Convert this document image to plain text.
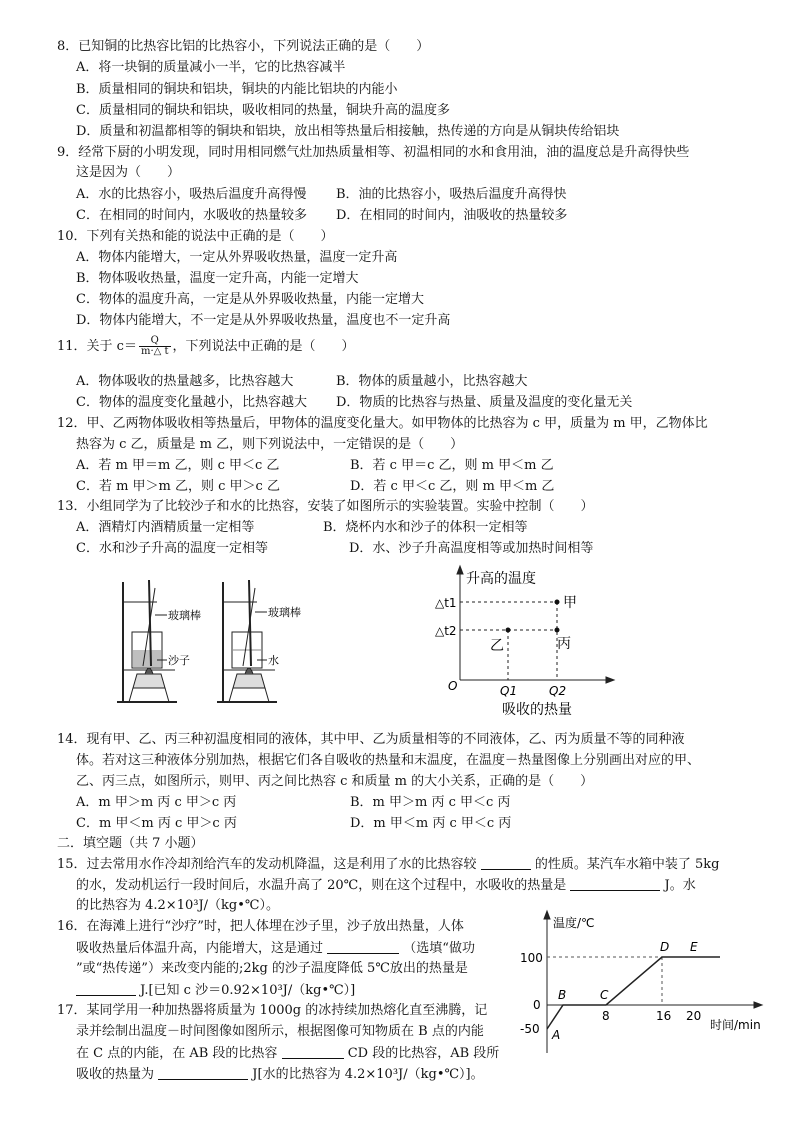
8．已知铜的比热容比铝的比热容小，下列说法正确的是（　　）
A．将一块铜的质量减小一半，它的比热容减半
B．质量相同的铜块和铝块，铜块的内能比铝块的内能小
C．质量相同的铜块和铝块，吸收相同的热量，铜块升高的温度多
D．质量和初温都相等的铜块和铝块，放出相等热量后相接触，热传递的方向是从铜块传给铝块
9．经常下厨的小明发现，同时用相同燃气灶加热质量相等、初温相同的水和食用油，油的温度总是升高得快些
这是因为（　　）
A．水的比热容小，吸热后温度升高得慢 B．油的比热容小，吸热后温度升高得快
C．在相同的时间内，水吸收的热量较多 D．在相同的时间内，油吸收的热量较多
10．下列有关热和能的说法中正确的是（　　）
A．物体内能增大，一定从外界吸收热量，温度一定升高
B．物体吸收热量，温度一定升高，内能一定增大
C．物体的温度升高，一定是从外界吸收热量，内能一定增大
D．物体内能增大，不一定是从外界吸收热量，温度也不一定升高
11．关于 $c= \frac{Q}{m\cdot\triangle t}$ ，下列说法中正确的是（　　）
A．物体吸收的热量越多，比热容越大	B．物体的质量越小，比热容越大
C．物体的温度变化量越小，比热容越大 D．物质的比热容与热量、质量及温度的变化量无关
12．甲、乙两物体吸收相等热量后，甲物体的温度变化量大。如甲物体的比热容为 c 甲，质量为 m 甲，乙物体比
热容为 c 乙，质量是 m 乙，则下列说法中，一定错误的是（　　）
A．若 m 甲＝m 乙，则 c 甲＜c 乙	B．若 c 甲＝c 乙，则 m 甲＜m 乙
C．若 m 甲＞m 乙，则 c 甲＞c 乙	D．若 c 甲＜c 乙，则 m 甲＜m 乙
13．小组同学为了比较沙子和水的比热容，安装了如图所示的实验装置。实验中控制（　　）
A．酒精灯内酒精质量一定相等	B．烧杯内水和沙子的体积一定相等
C．水和沙子升高的温度一定相等	D．水、沙子升高温度相等或加热时间相等
玻璃棒
沙子
玻璃棒
水
升高的温度
吸收的热量
O
△t1
△t2
Q1	Q2
甲
乙	丙
14．现有甲、乙、丙三种初温度相同的液体，其中甲、乙为质量相等的不同液体，乙、丙为质量不等的同种液
体。若对这三种液体分别加热，根据它们各自吸收的热量和末温度，在温度－热量图像上分别画出对应的甲、
乙、丙三点，如图所示，则甲、丙之间比热容 c 和质量 m 的大小关系，正确的是（　　）
A．m 甲＞m 丙 c 甲＞c 丙	B．m 甲＞m 丙 c 甲＜c 丙
C．m 甲＜m 丙 c 甲＞c 丙	D．m 甲＜m 丙 c 甲＜c 丙
二．填空题（共 7 小题）
15．过去常用水作冷却剂给汽车的发动机降温，这是利用了水的比热容较	的性质。某汽车水箱中装了 5kg
的水，发动机运行一段时间后，水温升高了 20℃，则在这个过程中，水吸收的热量是	J。水
的比热容为 4.2×10³J/（kg•℃）。
16．在海滩上进行“沙疗”时，把人体埋在沙子里，沙子放出热量，人体
吸收热量后体温升高，内能增大，这是通过	（选填“做功
”或“热传递”）来改变内能的;2kg 的沙子温度降低 5℃放出的热量是
J.[已知 c 沙＝0.92×10³J/（kg•℃）]
17．某同学用一种加热器将质量为 1000g 的冰持续加热熔化直至沸腾，记
录并绘制出温度－时间图像如图所示，根据图像可知物质在 B 点的内能
在 C 点的内能，在 AB 段的比热容	CD 段的比热容，AB 段所
吸收的热量为	J[水的比热容为 4.2×10³J/（kg•℃）]。
温度/℃
时间/min
100
0
-50
8	16 20
A
B	C
D E
